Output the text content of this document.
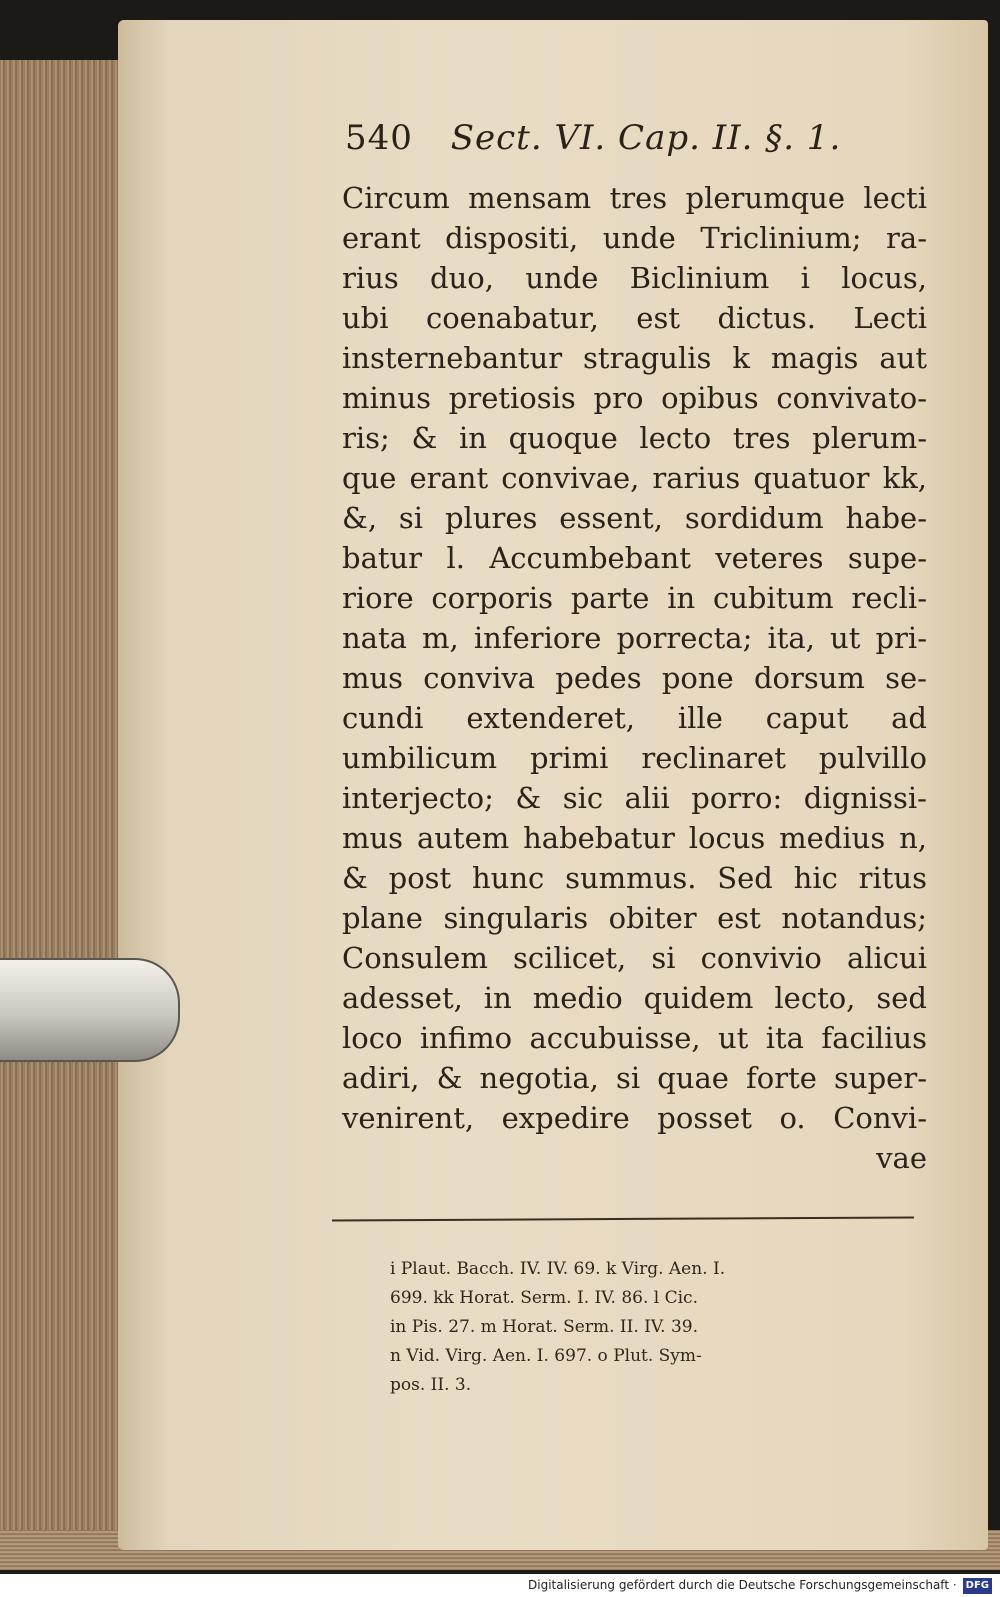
540 Sect. VI. Cap. II. §. 1.
Circum mensam tres plerumque lecti
erant dispositi, unde Triclinium; ra-
rius duo, unde Biclinium i locus,
ubi coenabatur, est dictus. Lecti
insternebantur stragulis k magis aut
minus pretiosis pro opibus convivato-
ris; & in quoque lecto tres plerum-
que erant convivae, rarius quatuor kk,
&, si plures essent, sordidum habe-
batur l. Accumbebant veteres supe-
riore corporis parte in cubitum recli-
nata m, inferiore porrecta; ita, ut pri-
mus conviva pedes pone dorsum se-
cundi extenderet, ille caput ad
umbilicum primi reclinaret pulvillo
interjecto; & sic alii porro: dignissi-
mus autem habebatur locus medius n,
& post hunc summus. Sed hic ritus
plane singularis obiter est notandus;
Consulem scilicet, si convivio alicui
adesset, in medio quidem lecto, sed
loco infimo accubuisse, ut ita facilius
adiri, & negotia, si quae forte super-
venirent, expedire posset o. Convi-
vae
i Plaut. Bacch. IV. IV. 69. k Virg. Aen. I.
699. kk Horat. Serm. I. IV. 86. l Cic.
in Pis. 27. m Horat. Serm. II. IV. 39.
n Vid. Virg. Aen. I. 697. o Plut. Sym-
pos. II. 3.
Digitalisierung gefördert durch die Deutsche Forschungsgemeinschaft · DFG
